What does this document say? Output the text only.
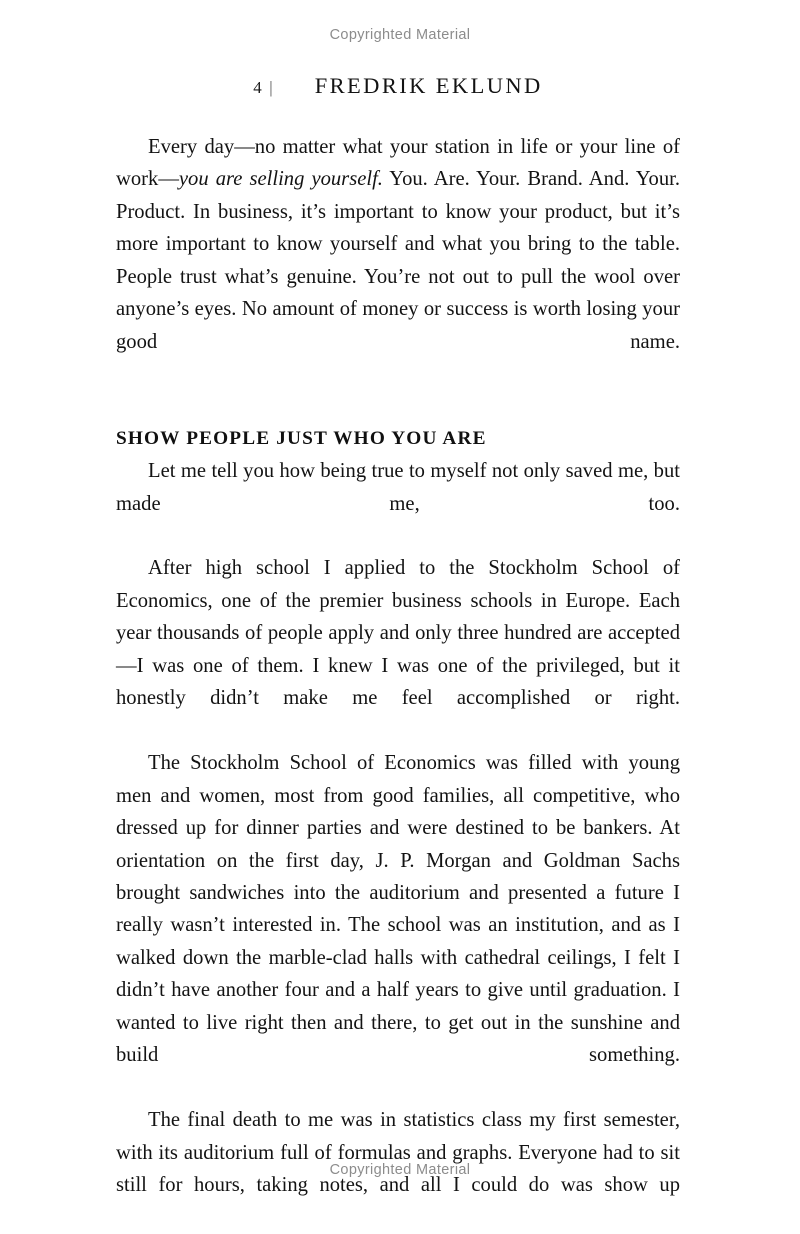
Copyrighted Material
4 | FREDRIK EKLUND

Every day—no matter what your station in life or your line of work—you are selling yourself. You. Are. Your. Brand. And. Your. Product. In business, it’s important to know your product, but it’s more important to know yourself and what you bring to the table. People trust what’s genuine. You’re not out to pull the wool over anyone’s eyes. No amount of money or success is worth losing your good name.

SHOW PEOPLE JUST WHO YOU ARE

Let me tell you how being true to myself not only saved me, but made me, too.

After high school I applied to the Stockholm School of Economics, one of the premier business schools in Europe. Each year thousands of people apply and only three hundred are accepted—I was one of them. I knew I was one of the privileged, but it honestly didn’t make me feel accomplished or right.

The Stockholm School of Economics was filled with young men and women, most from good families, all competitive, who dressed up for dinner parties and were destined to be bankers. At orientation on the first day, J. P. Morgan and Goldman Sachs brought sandwiches into the auditorium and presented a future I really wasn’t interested in. The school was an institution, and as I walked down the marble-clad halls with cathedral ceilings, I felt I didn’t have another four and a half years to give until graduation. I wanted to live right then and there, to get out in the sunshine and build something.

The final death to me was in statistics class my first semester, with its auditorium full of formulas and graphs. Everyone had to sit still for hours, taking notes, and all I could do was show up

Copyrighted Material
